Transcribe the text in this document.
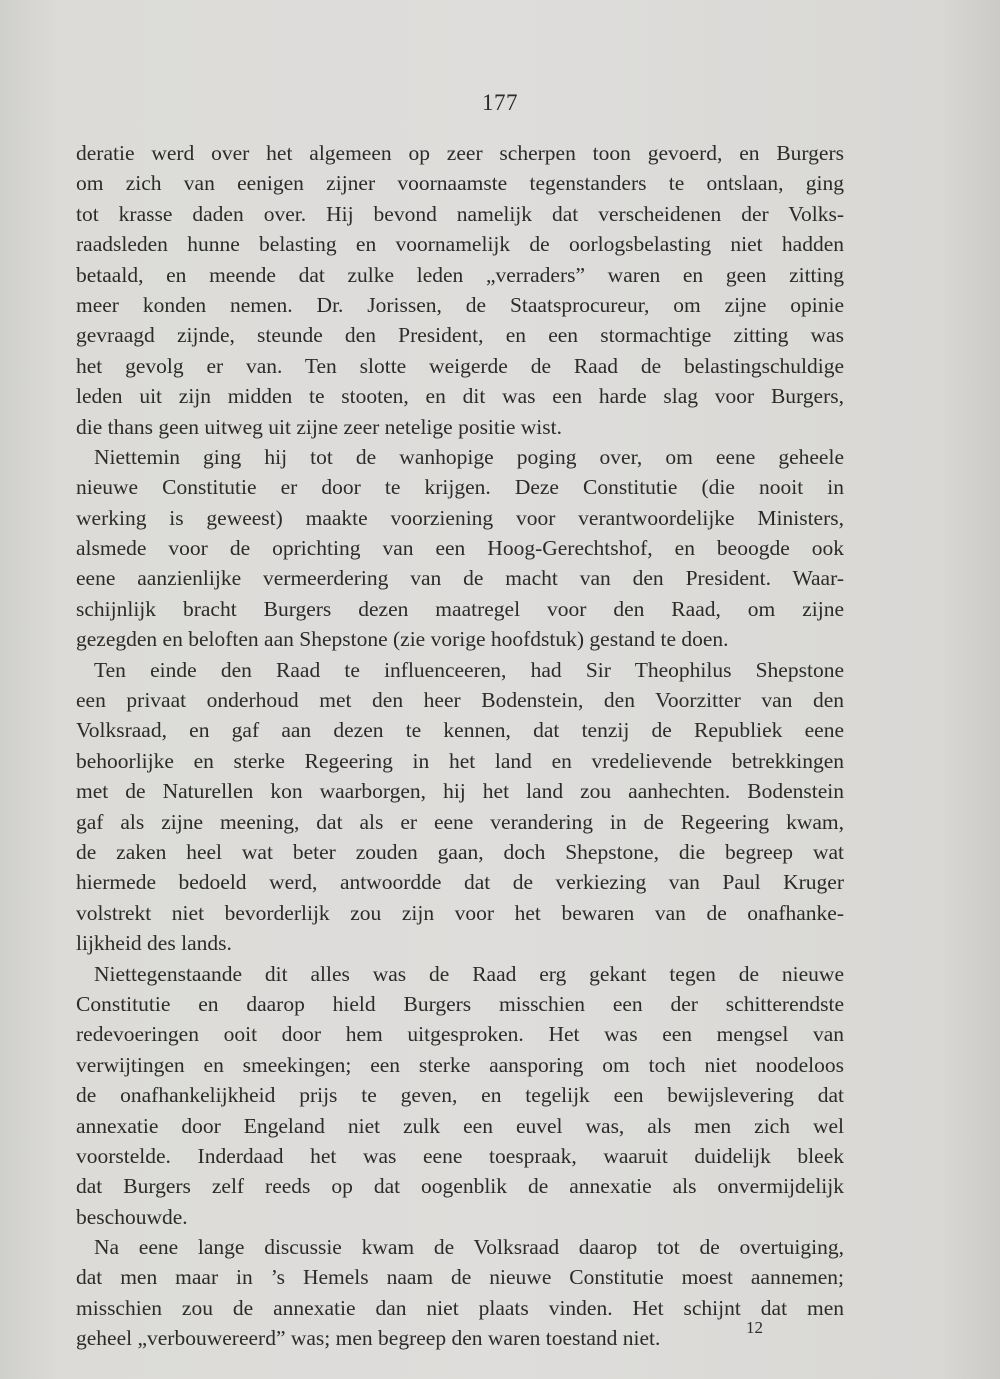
177
deratie werd over het algemeen op zeer scherpen toon gevoerd, en Burgers
om zich van eenigen zijner voornaamste tegenstanders te ontslaan, ging
tot krasse daden over. Hij bevond namelijk dat verscheidenen der Volks-
raadsleden hunne belasting en voornamelijk de oorlogsbelasting niet hadden
betaald, en meende dat zulke leden „verraders” waren en geen zitting
meer konden nemen. Dr. Jorissen, de Staatsprocureur, om zijne opinie
gevraagd zijnde, steunde den President, en een stormachtige zitting was
het gevolg er van. Ten slotte weigerde de Raad de belastingschuldige
leden uit zijn midden te stooten, en dit was een harde slag voor Burgers,
die thans geen uitweg uit zijne zeer netelige positie wist.
Niettemin ging hij tot de wanhopige poging over, om eene geheele
nieuwe Constitutie er door te krijgen. Deze Constitutie (die nooit in
werking is geweest) maakte voorziening voor verantwoordelijke Ministers,
alsmede voor de oprichting van een Hoog-Gerechtshof, en beoogde ook
eene aanzienlijke vermeerdering van de macht van den President. Waar-
schijnlijk bracht Burgers dezen maatregel voor den Raad, om zijne
gezegden en beloften aan Shepstone (zie vorige hoofdstuk) gestand te doen.
Ten einde den Raad te influenceeren, had Sir Theophilus Shepstone
een privaat onderhoud met den heer Bodenstein, den Voorzitter van den
Volksraad, en gaf aan dezen te kennen, dat tenzij de Republiek eene
behoorlijke en sterke Regeering in het land en vredelievende betrekkingen
met de Naturellen kon waarborgen, hij het land zou aanhechten. Bodenstein
gaf als zijne meening, dat als er eene verandering in de Regeering kwam,
de zaken heel wat beter zouden gaan, doch Shepstone, die begreep wat
hiermede bedoeld werd, antwoordde dat de verkiezing van Paul Kruger
volstrekt niet bevorderlijk zou zijn voor het bewaren van de onafhanke-
lijkheid des lands.
Niettegenstaande dit alles was de Raad erg gekant tegen de nieuwe
Constitutie en daarop hield Burgers misschien een der schitterendste
redevoeringen ooit door hem uitgesproken. Het was een mengsel van
verwijtingen en smeekingen; een sterke aansporing om toch niet noodeloos
de onafhankelijkheid prijs te geven, en tegelijk een bewijslevering dat
annexatie door Engeland niet zulk een euvel was, als men zich wel
voorstelde. Inderdaad het was eene toespraak, waaruit duidelijk bleek
dat Burgers zelf reeds op dat oogenblik de annexatie als onvermijdelijk
beschouwde.
Na eene lange discussie kwam de Volksraad daarop tot de overtuiging,
dat men maar in ’s Hemels naam de nieuwe Constitutie moest aannemen;
misschien zou de annexatie dan niet plaats vinden. Het schijnt dat men
geheel „verbouwereerd” was; men begreep den waren toestand niet.	12
